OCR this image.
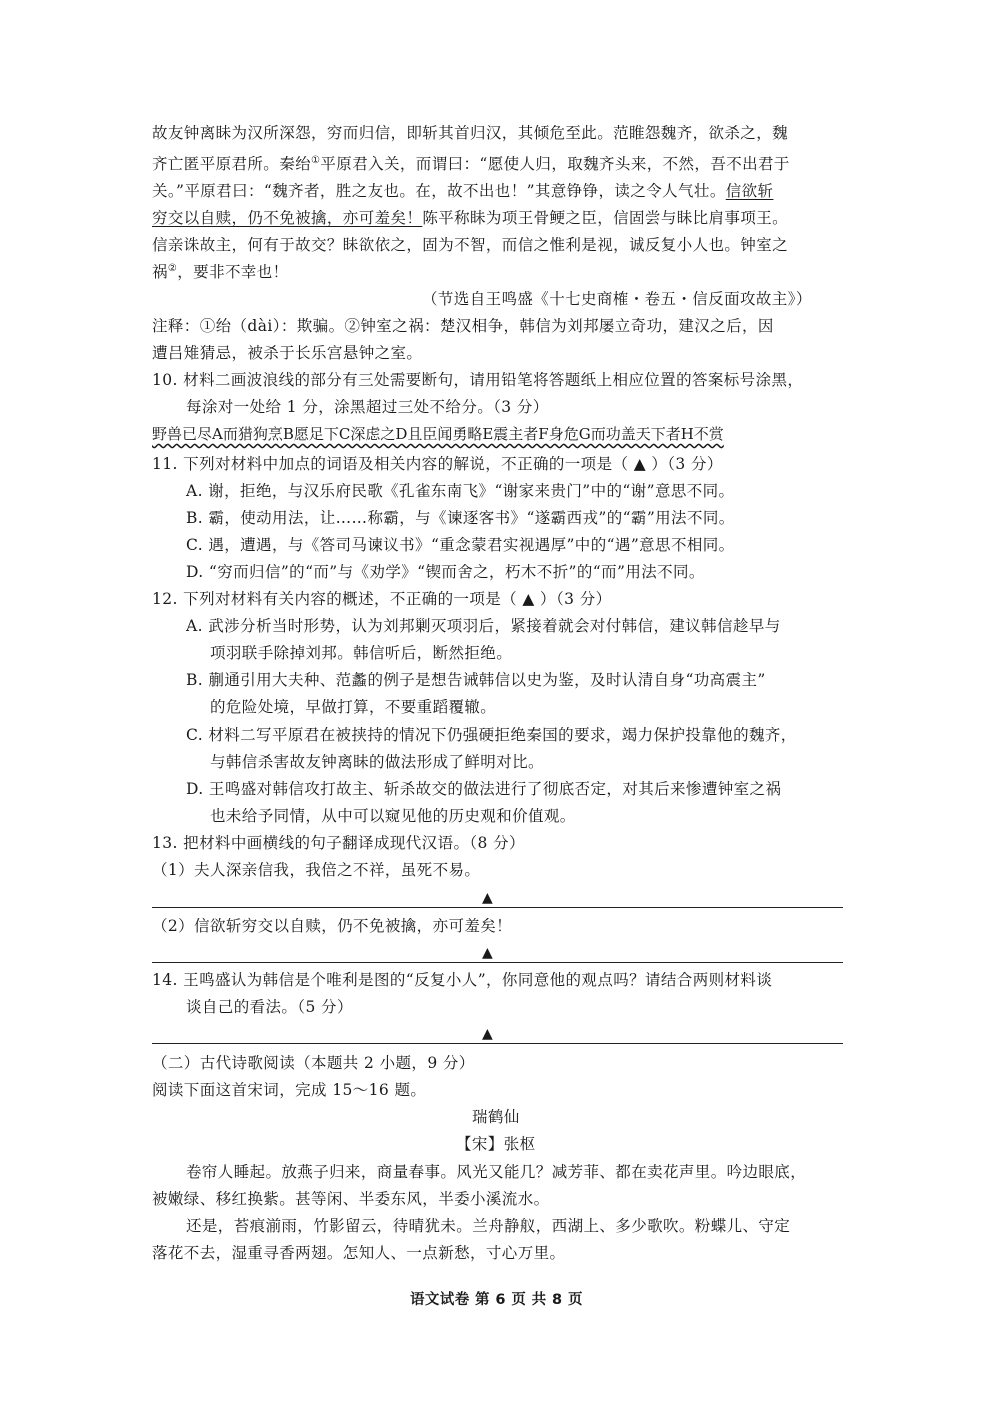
故友钟离眛为汉所深怨，穷而归信，即斩其首归汉，其倾危至此。范睢怨魏齐，欲杀之，魏
齐亡匿平原君所。秦绐①平原君入关，而谓曰：“愿使人归，取魏齐头来，不然，吾不出君于
关。”平原君曰：“魏齐者，胜之友也。在，故不出也！”其意铮铮，读之令人气壮。信欲斩
穷交以自赎，仍不免被擒，亦可羞矣！陈平称眛为项王骨鲠之臣，信固尝与眛比肩事项王。
信亲诛故主，何有于故交？眛欲依之，固为不智，而信之惟利是视，诚反复小人也。钟室之
祸②，要非不幸也！
（节选自王鸣盛《十七史商榷・卷五・信反面攻故主》）
注释：①绐（dài）：欺骗。②钟室之祸：楚汉相争，韩信为刘邦屡立奇功，建汉之后，因
遭吕雉猜忌，被杀于长乐宫悬钟之室。
10. 材料二画波浪线的部分有三处需要断句，请用铅笔将答题纸上相应位置的答案标号涂黑，
每涂对一处给 1 分，涂黑超过三处不给分。（3 分）
野兽已尽A而猎狗烹B愿足下C深虑之D且臣闻勇略E震主者F身危G而功盖天下者H不赏
11. 下列对材料中加点的词语及相关内容的解说，不正确的一项是（ ▲ ）（3 分）
A. 谢，拒绝，与汉乐府民歌《孔雀东南飞》“谢家来贵门”中的“谢”意思不同。
B. 霸，使动用法，让……称霸，与《谏逐客书》“遂霸西戎”的“霸”用法不同。
C. 遇，遭遇，与《答司马谏议书》“重念蒙君实视遇厚”中的“遇”意思不相同。
D. “穷而归信”的“而”与《劝学》“锲而舍之，朽木不折”的“而”用法不同。
12. 下列对材料有关内容的概述，不正确的一项是（ ▲ ）（3 分）
A. 武涉分析当时形势，认为刘邦剿灭项羽后，紧接着就会对付韩信，建议韩信趁早与
项羽联手除掉刘邦。韩信听后，断然拒绝。
B. 蒯通引用大夫种、范蠡的例子是想告诫韩信以史为鉴，及时认清自身“功高震主”
的危险处境，早做打算，不要重蹈覆辙。
C. 材料二写平原君在被挟持的情况下仍强硬拒绝秦国的要求，竭力保护投靠他的魏齐，
与韩信杀害故友钟离眛的做法形成了鲜明对比。
D. 王鸣盛对韩信攻打故主、斩杀故交的做法进行了彻底否定，对其后来惨遭钟室之祸
也未给予同情，从中可以窥见他的历史观和价值观。
13. 把材料中画横线的句子翻译成现代汉语。（8 分）
（1）夫人深亲信我，我倍之不祥，虽死不易。
▲
（2）信欲斩穷交以自赎，仍不免被擒，亦可羞矣！
▲
14. 王鸣盛认为韩信是个唯利是图的“反复小人”，你同意他的观点吗？请结合两则材料谈
谈自己的看法。（5 分）
▲
（二）古代诗歌阅读（本题共 2 小题，9 分）
阅读下面这首宋词，完成 15～16 题。
瑞鹤仙
【宋】张枢
卷帘人睡起。放燕子归来，商量春事。风光又能几？减芳菲、都在卖花声里。吟边眼底，
被嫩绿、移红换紫。甚等闲、半委东风，半委小溪流水。
还是，苔痕湔雨，竹影留云，待晴犹未。兰舟静舣，西湖上、多少歌吹。粉蝶儿、守定
落花不去，湿重寻香两翅。怎知人、一点新愁，寸心万里。
语文试卷 第 6 页 共 8 页
